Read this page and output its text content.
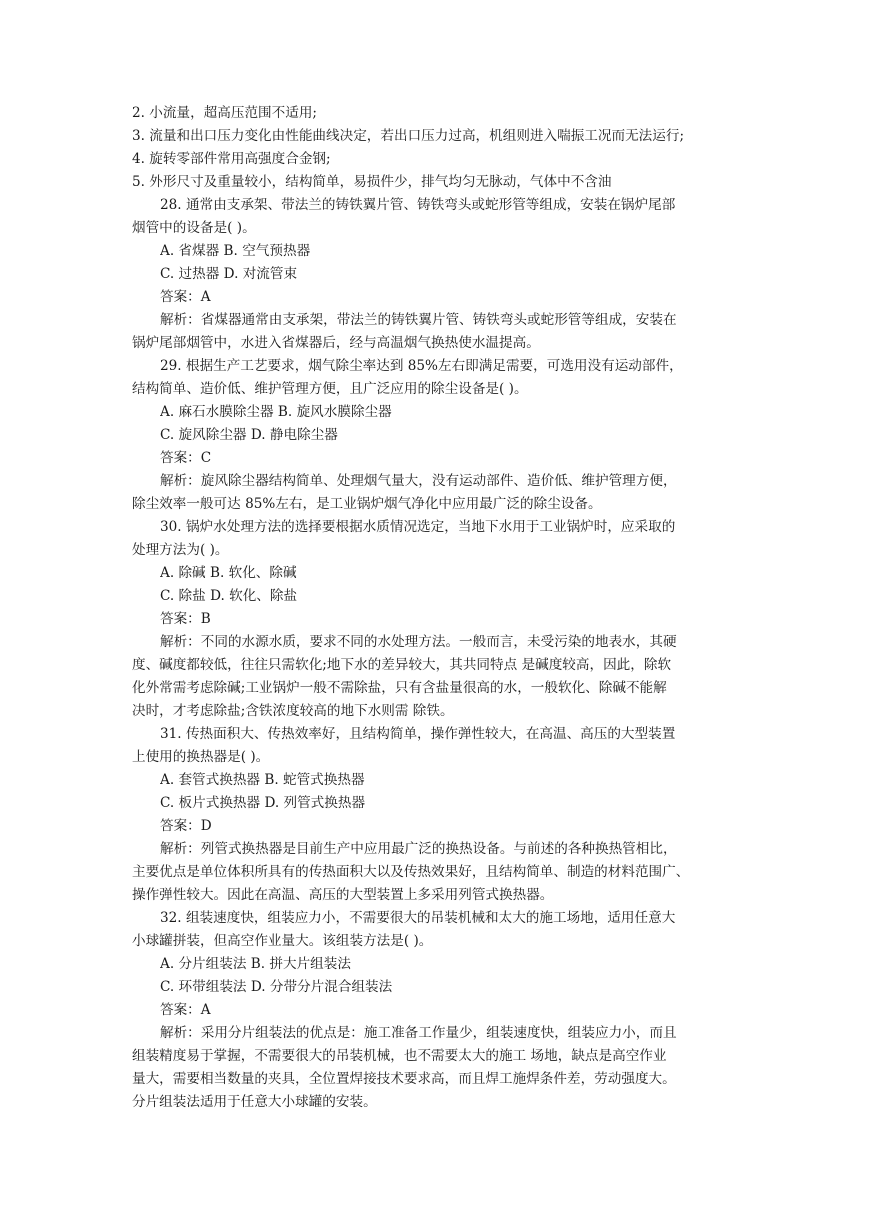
2. 小流量，超高压范围不适用;
3. 流量和出口压力变化由性能曲线决定，若出口压力过高，机组则进入喘振工况而无法运行;
4. 旋转零部件常用高强度合金钢;
5. 外形尺寸及重量较小，结构简单，易损件少，排气均匀无脉动，气体中不含油
28. 通常由支承架、带法兰的铸铁翼片管、铸铁弯头或蛇形管等组成，安装在锅炉尾部
烟管中的设备是( )。
A. 省煤器 B. 空气预热器
C. 过热器 D. 对流管束
答案：A
解析：省煤器通常由支承架，带法兰的铸铁翼片管、铸铁弯头或蛇形管等组成，安装在
锅炉尾部烟管中，水进入省煤器后，经与高温烟气换热使水温提高。
29. 根据生产工艺要求，烟气除尘率达到 85%左右即满足需要，可选用没有运动部件，
结构简单、造价低、维护管理方便，且广泛应用的除尘设备是( )。
A. 麻石水膜除尘器 B. 旋风水膜除尘器
C. 旋风除尘器 D. 静电除尘器
答案：C
解析：旋风除尘器结构简单、处理烟气量大，没有运动部件、造价低、维护管理方便，
除尘效率一般可达 85%左右，是工业锅炉烟气净化中应用最广泛的除尘设备。
30. 锅炉水处理方法的选择要根据水质情况选定，当地下水用于工业锅炉时，应采取的
处理方法为( )。
A. 除碱 B. 软化、除碱
C. 除盐 D. 软化、除盐
答案：B
解析：不同的水源水质，要求不同的水处理方法。一般而言，未受污染的地表水，其硬
度、碱度都较低，往往只需软化;地下水的差异较大，其共同特点 是碱度较高，因此，除软
化外常需考虑除碱;工业锅炉一般不需除盐，只有含盐量很高的水，一般软化、除碱不能解
决时，才考虑除盐;含铁浓度较高的地下水则需 除铁。
31. 传热面积大、传热效率好，且结构简单，操作弹性较大，在高温、高压的大型装置
上使用的换热器是( )。
A. 套管式换热器 B. 蛇管式换热器
C. 板片式换热器 D. 列管式换热器
答案：D
解析：列管式换热器是目前生产中应用最广泛的换热设备。与前述的各种换热管相比，
主要优点是单位体积所具有的传热面积大以及传热效果好，且结构简单、制造的材料范围广、
操作弹性较大。因此在高温、高压的大型装置上多采用列管式换热器。
32. 组装速度快，组装应力小，不需要很大的吊装机械和太大的施工场地，适用任意大
小球罐拼装，但高空作业量大。该组装方法是( )。
A. 分片组装法 B. 拼大片组装法
C. 环带组装法 D. 分带分片混合组装法
答案：A
解析：采用分片组装法的优点是：施工准备工作量少，组装速度快，组装应力小，而且
组装精度易于掌握，不需要很大的吊装机械，也不需要太大的施工 场地，缺点是高空作业
量大，需要相当数量的夹具，全位置焊接技术要求高，而且焊工施焊条件差，劳动强度大。
分片组装法适用于任意大小球罐的安装。
